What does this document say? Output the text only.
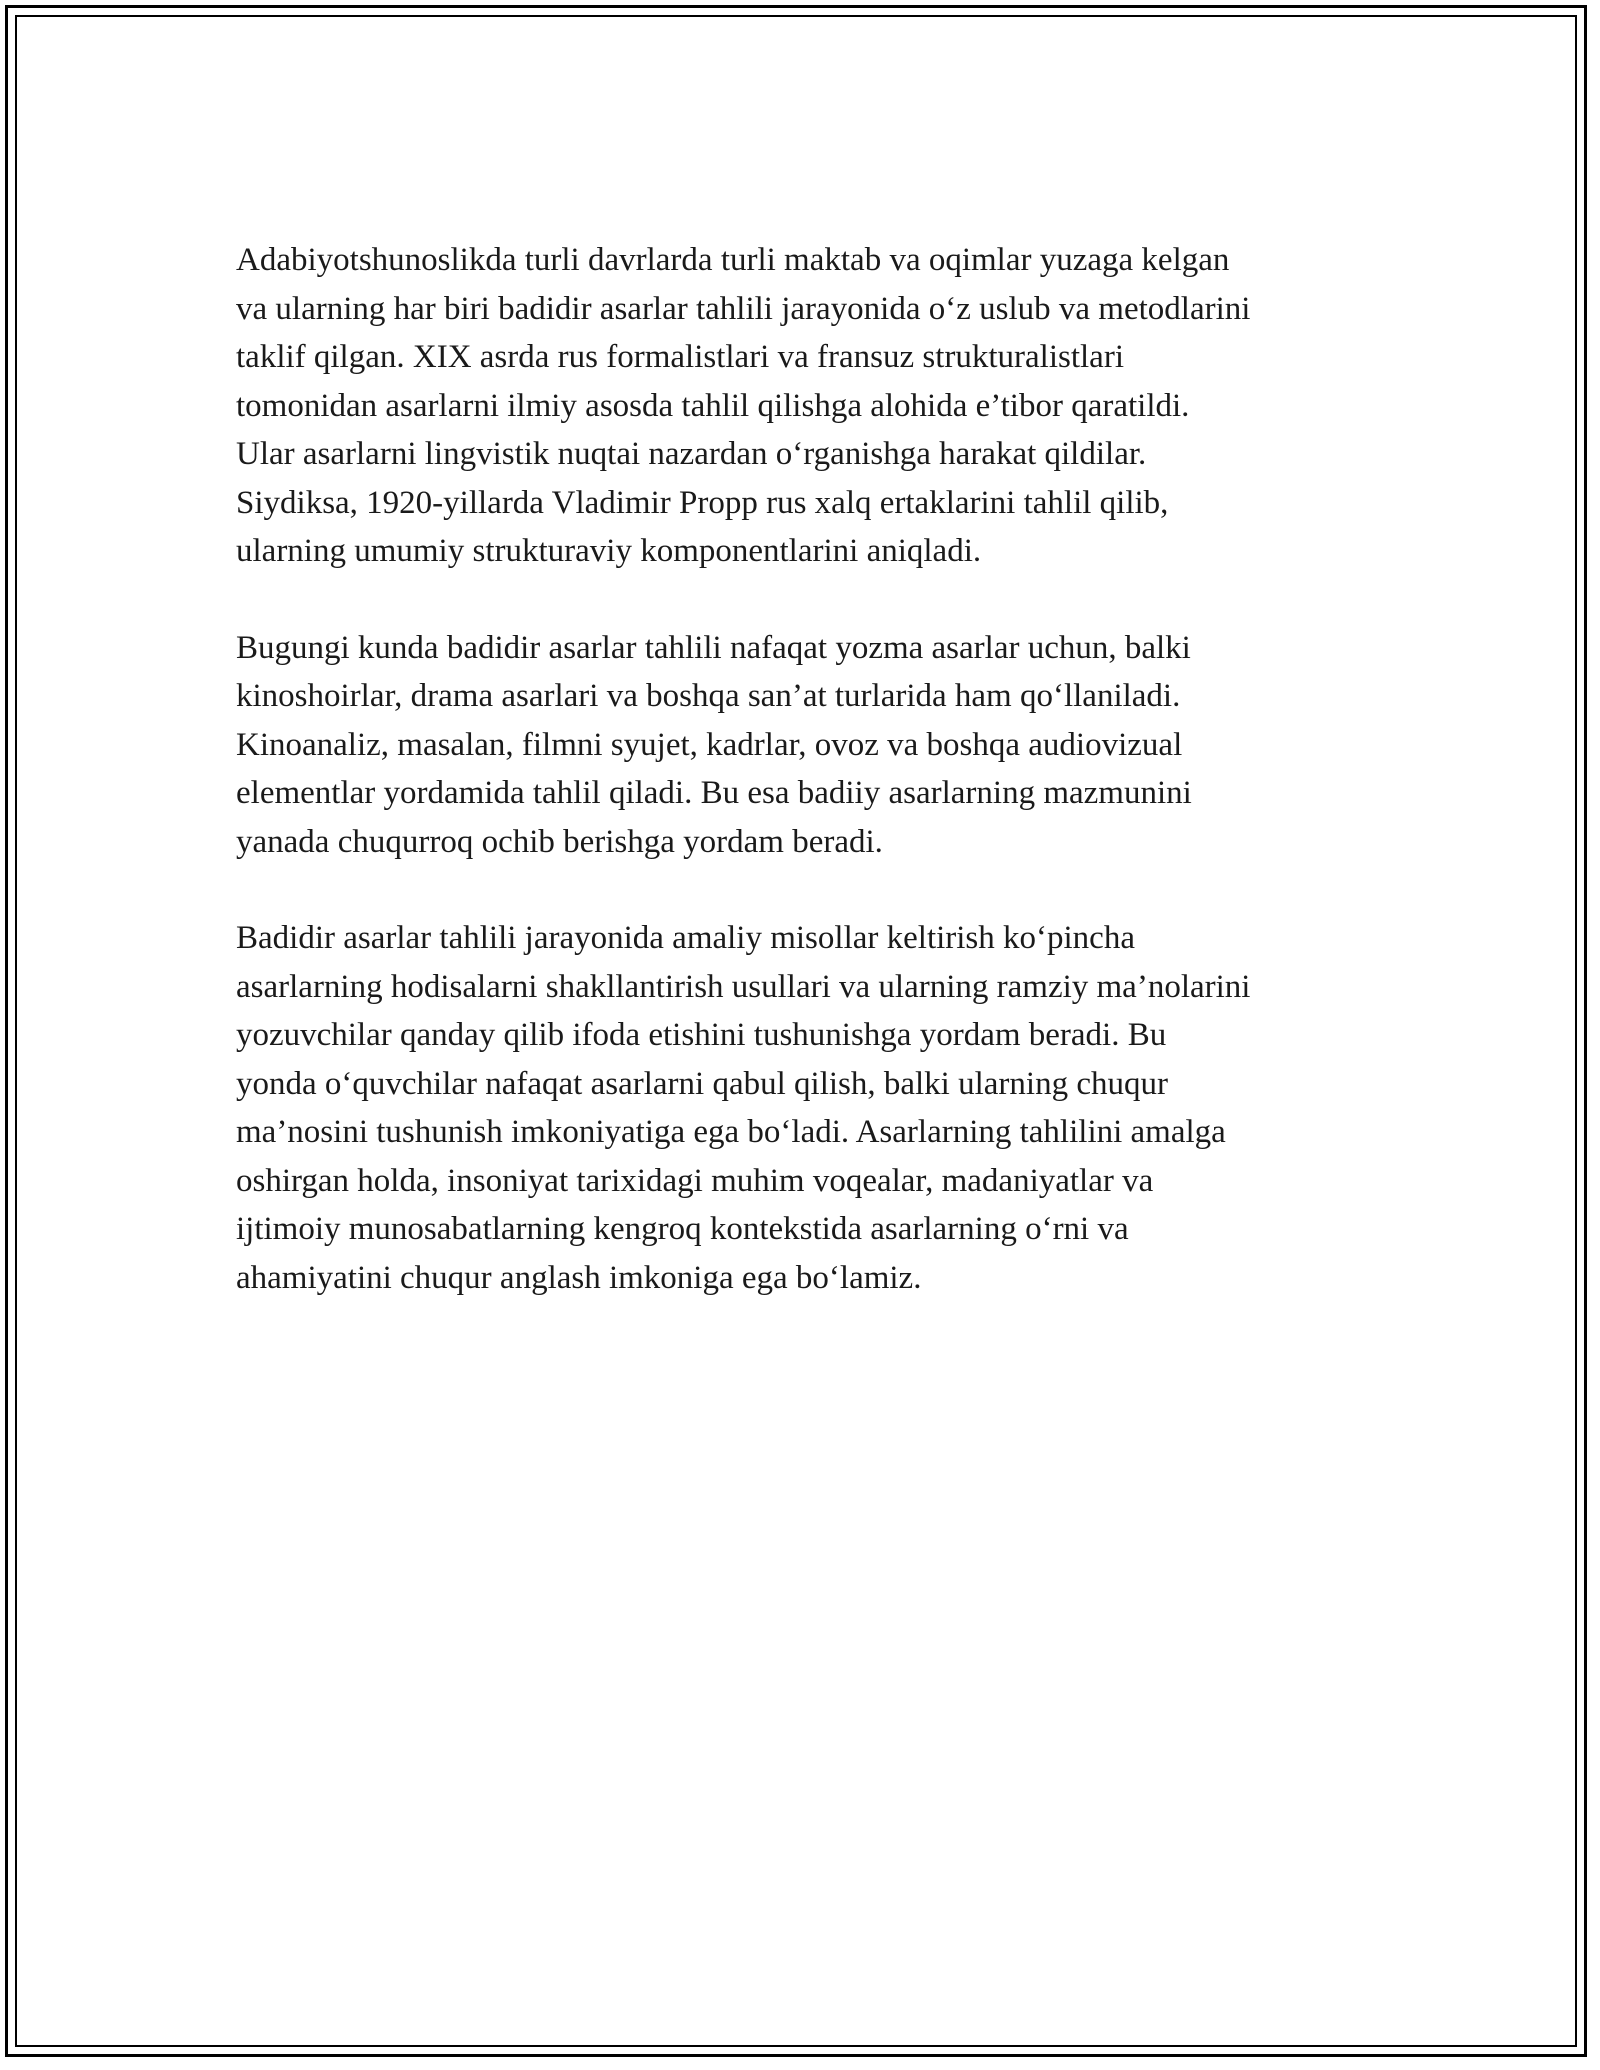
Adabiyotshunoslikda turli davrlarda turli maktab va oqimlar yuzaga kelgan
va ularning har biri badidir asarlar tahlili jarayonida o‘z uslub va metodlarini
taklif qilgan. XIX asrda rus formalistlari va fransuz strukturalistlari
tomonidan asarlarni ilmiy asosda tahlil qilishga alohida e’tibor qaratildi.
Ular asarlarni lingvistik nuqtai nazardan o‘rganishga harakat qildilar.
Siydiksa, 1920-yillarda Vladimir Propp rus xalq ertaklarini tahlil qilib,
ularning umumiy strukturaviy komponentlarini aniqladi.

Bugungi kunda badidir asarlar tahlili nafaqat yozma asarlar uchun, balki
kinoshoirlar, drama asarlari va boshqa san’at turlarida ham qo‘llaniladi.
Kinoanaliz, masalan, filmni syujet, kadrlar, ovoz va boshqa audiovizual
elementlar yordamida tahlil qiladi. Bu esa badiiy asarlarning mazmunini
yanada chuqurroq ochib berishga yordam beradi.

Badidir asarlar tahlili jarayonida amaliy misollar keltirish ko‘pincha
asarlarning hodisalarni shakllantirish usullari va ularning ramziy ma’nolarini
yozuvchilar qanday qilib ifoda etishini tushunishga yordam beradi. Bu
yonda o‘quvchilar nafaqat asarlarni qabul qilish, balki ularning chuqur
ma’nosini tushunish imkoniyatiga ega bo‘ladi. Asarlarning tahlilini amalga
oshirgan holda, insoniyat tarixidagi muhim voqealar, madaniyatlar va
ijtimoiy munosabatlarning kengroq kontekstida asarlarning o‘rni va
ahamiyatini chuqur anglash imkoniga ega bo‘lamiz.
